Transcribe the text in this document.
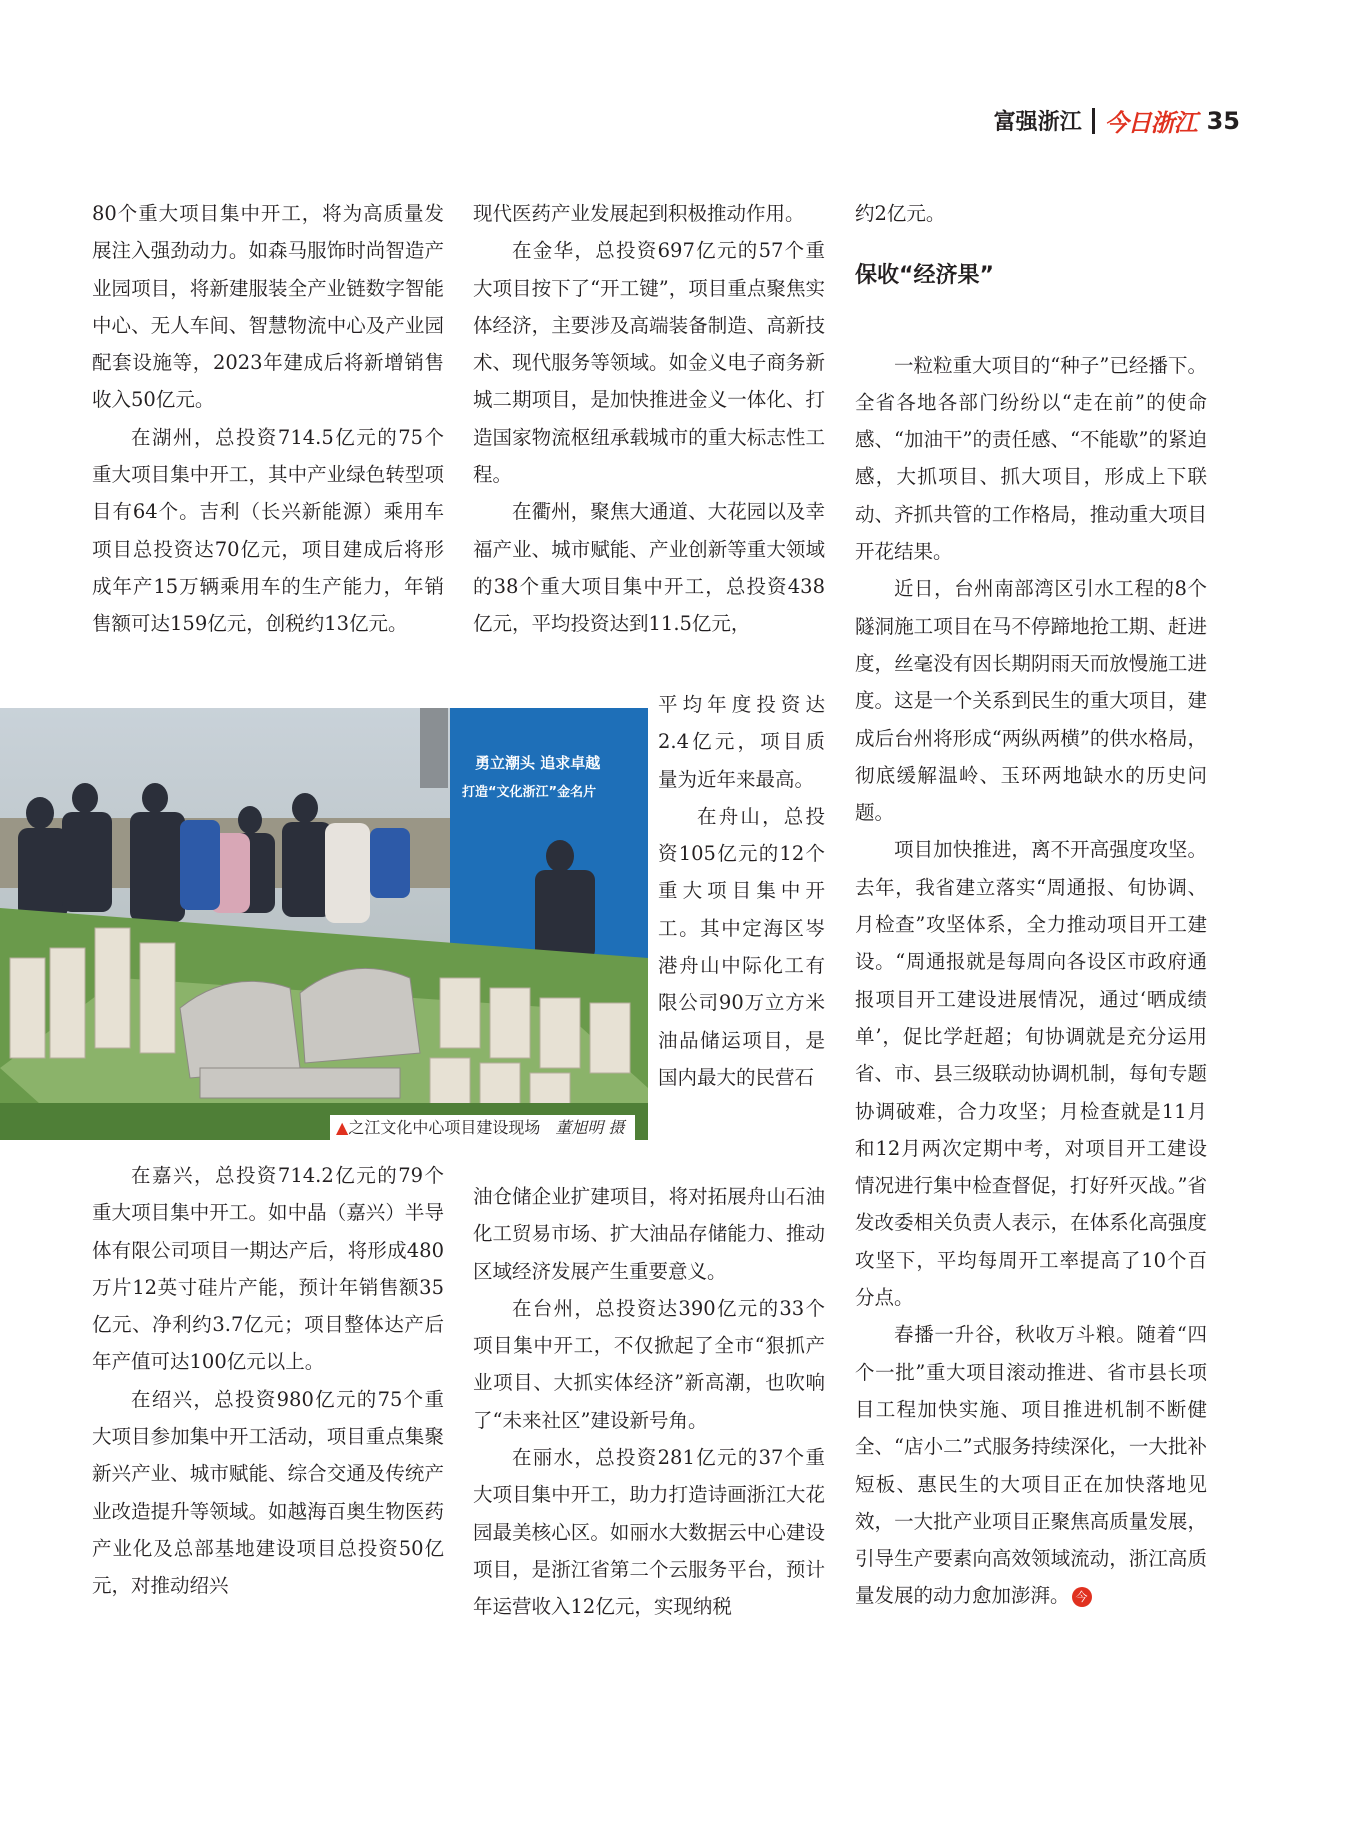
富强浙江 今日浙江 35

80个重大项目集中开工，将为高质量发展注入强劲动力。如森马服饰时尚智造产业园项目，将新建服装全产业链数字智能中心、无人车间、智慧物流中心及产业园配套设施等，2023年建成后将新增销售收入50亿元。

在湖州，总投资714.5亿元的75个重大项目集中开工，其中产业绿色转型项目有64个。吉利（长兴新能源）乘用车项目总投资达70亿元，项目建成后将形成年产15万辆乘用车的生产能力，年销售额可达159亿元，创税约13亿元。

勇立潮头 追求卓越
打造“文化浙江”金名片
▲之江文化中心项目建设现场 董旭明 摄

在嘉兴，总投资714.2亿元的79个重大项目集中开工。如中晶（嘉兴）半导体有限公司项目一期达产后，将形成480万片12英寸硅片产能，预计年销售额35亿元、净利约3.7亿元；项目整体达产后年产值可达100亿元以上。

在绍兴，总投资980亿元的75个重大项目参加集中开工活动，项目重点集聚新兴产业、城市赋能、综合交通及传统产业改造提升等领域。如越海百奥生物医药产业化及总部基地建设项目总投资50亿元，对推动绍兴

现代医药产业发展起到积极推动作用。

在金华，总投资697亿元的57个重大项目按下了“开工键”，项目重点聚焦实体经济，主要涉及高端装备制造、高新技术、现代服务等领域。如金义电子商务新城二期项目，是加快推进金义一体化、打造国家物流枢纽承载城市的重大标志性工程。

在衢州，聚焦大通道、大花园以及幸福产业、城市赋能、产业创新等重大领域的38个重大项目集中开工，总投资438亿元，平均投资达到11.5亿元，

平均年度投资达2.4亿元，项目质量为近年来最高。

在舟山，总投资105亿元的12个重大项目集中开工。其中定海区岑港舟山中际化工有限公司90万立方米油品储运项目，是国内最大的民营石

油仓储企业扩建项目，将对拓展舟山石油化工贸易市场、扩大油品存储能力、推动区域经济发展产生重要意义。

在台州，总投资达390亿元的33个项目集中开工，不仅掀起了全市“狠抓产业项目、大抓实体经济”新高潮，也吹响了“未来社区”建设新号角。

在丽水，总投资281亿元的37个重大项目集中开工，助力打造诗画浙江大花园最美核心区。如丽水大数据云中心建设项目，是浙江省第二个云服务平台，预计年运营收入12亿元，实现纳税

约2亿元。

保收“经济果”

一粒粒重大项目的“种子”已经播下。全省各地各部门纷纷以“走在前”的使命感、“加油干”的责任感、“不能歇”的紧迫感，大抓项目、抓大项目，形成上下联动、齐抓共管的工作格局，推动重大项目开花结果。

近日，台州南部湾区引水工程的8个隧洞施工项目在马不停蹄地抢工期、赶进度，丝毫没有因长期阴雨天而放慢施工进度。这是一个关系到民生的重大项目，建成后台州将形成“两纵两横”的供水格局，彻底缓解温岭、玉环两地缺水的历史问题。

项目加快推进，离不开高强度攻坚。去年，我省建立落实“周通报、旬协调、月检查”攻坚体系，全力推动项目开工建设。“周通报就是每周向各设区市政府通报项目开工建设进展情况，通过‘晒成绩单’，促比学赶超；旬协调就是充分运用省、市、县三级联动协调机制，每旬专题协调破难，合力攻坚；月检查就是11月和12月两次定期中考，对项目开工建设情况进行集中检查督促，打好歼灭战。”省发改委相关负责人表示，在体系化高强度攻坚下，平均每周开工率提高了10个百分点。

春播一升谷，秋收万斗粮。随着“四个一批”重大项目滚动推进、省市县长项目工程加快实施、项目推进机制不断健全、“店小二”式服务持续深化，一大批补短板、惠民生的大项目正在加快落地见效，一大批产业项目正聚焦高质量发展，引导生产要素向高效领域流动，浙江高质量发展的动力愈加澎湃。 今
